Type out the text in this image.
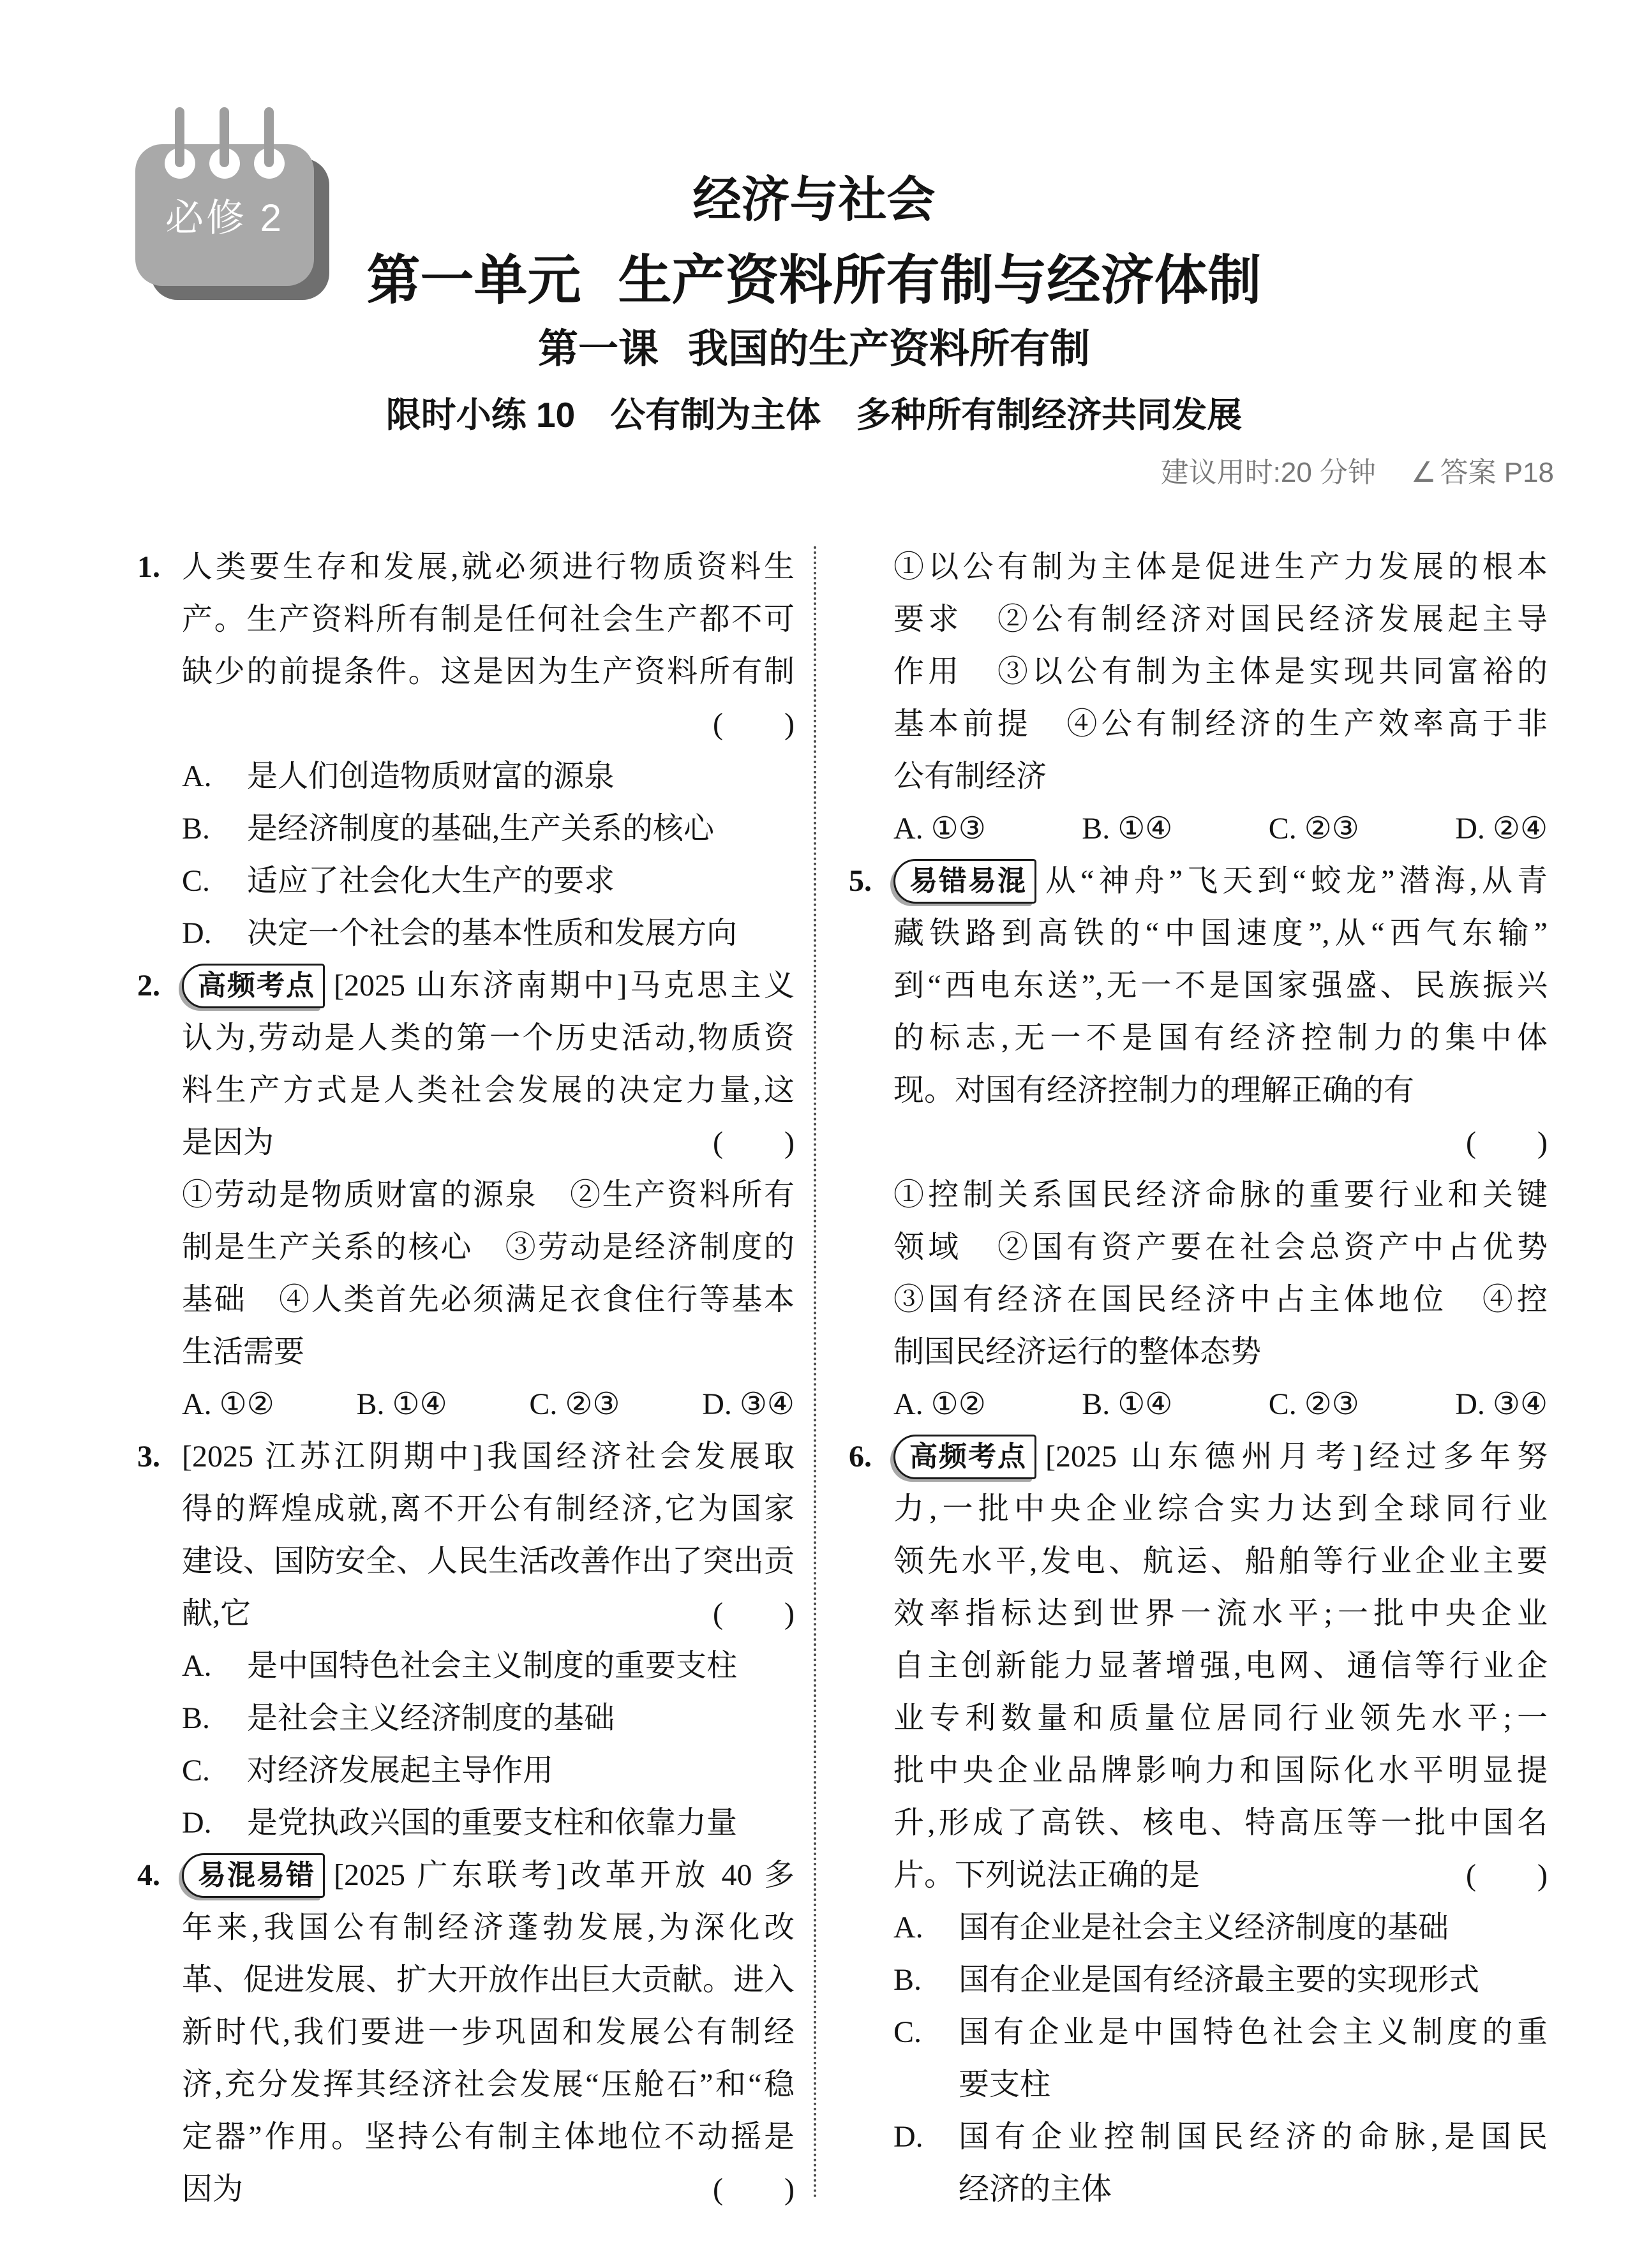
必修 2	经济与社会
第一单元 生产资料所有制与经济体制
第一课 我国的生产资料所有制
限时小练 10　公有制为主体　多种所有制经济共同发展
建议用时:20 分钟 ∠ 答案 P18
1. 人类要生存和发展,就必须进行物质资料生
产。生产资料所有制是任何社会生产都不可
缺少的前提条件。这是因为生产资料所有制
(　　)
A.	是人们创造物质财富的源泉
B.	是经济制度的基础,生产关系的核心
C.	适应了社会化大生产的要求
D.	决定一个社会的基本性质和发展方向
2.	高频考点 [2025 山东济南期中]马克思主义
认为,劳动是人类的第一个历史活动,物质资
料生产方式是人类社会发展的决定力量,这
是因为	(　　)
①劳动是物质财富的源泉　②生产资料所有
制是生产关系的核心　③劳动是经济制度的
基础　④人类首先必须满足衣食住行等基本
生活需要
A. ①②	B. ①④	C. ②③	D. ③④
3. [2025 江苏江阴期中]我国经济社会发展取
得的辉煌成就,离不开公有制经济,它为国家
建设、国防安全、人民生活改善作出了突出贡
献,它	(　　)
A.	是中国特色社会主义制度的重要支柱
B.	是社会主义经济制度的基础
C.	对经济发展起主导作用
D.	是党执政兴国的重要支柱和依靠力量
4.	易混易错 [2025 广东联考]改革开放 40 多
年来,我国公有制经济蓬勃发展,为深化改
革、促进发展、扩大开放作出巨大贡献。进入
新时代,我们要进一步巩固和发展公有制经
济,充分发挥其经济社会发展“压舱石”和“稳
定器”作用。坚持公有制主体地位不动摇是
因为	(　　)
①以公有制为主体是促进生产力发展的根本
要求　②公有制经济对国民经济发展起主导
作用　③以公有制为主体是实现共同富裕的
基本前提　④公有制经济的生产效率高于非
公有制经济
A. ①③	B. ①④	C. ②③	D. ②④
5.	易错易混 从“神舟”飞天到“蛟龙”潜海,从青
藏铁路到高铁的“中国速度”,从“西气东输”
到“西电东送”,无一不是国家强盛、民族振兴
的标志,无一不是国有经济控制力的集中体
现。对国有经济控制力的理解正确的有
(　　)
①控制关系国民经济命脉的重要行业和关键
领域　②国有资产要在社会总资产中占优势
③国有经济在国民经济中占主体地位　④控
制国民经济运行的整体态势
A. ①②	B. ①④	C. ②③	D. ③④
6.	高频考点 [2025 山东德州月考]经过多年努
力,一批中央企业综合实力达到全球同行业
领先水平,发电、航运、船舶等行业企业主要
效率指标达到世界一流水平;一批中央企业
自主创新能力显著增强,电网、通信等行业企
业专利数量和质量位居同行业领先水平;一
批中央企业品牌影响力和国际化水平明显提
升,形成了高铁、核电、特高压等一批中国名
片。下列说法正确的是	(　　)
A.	国有企业是社会主义经济制度的基础
B.	国有企业是国有经济最主要的实现形式
C.	国有企业是中国特色社会主义制度的重
要支柱
D.	国有企业控制国民经济的命脉,是国民
经济的主体
